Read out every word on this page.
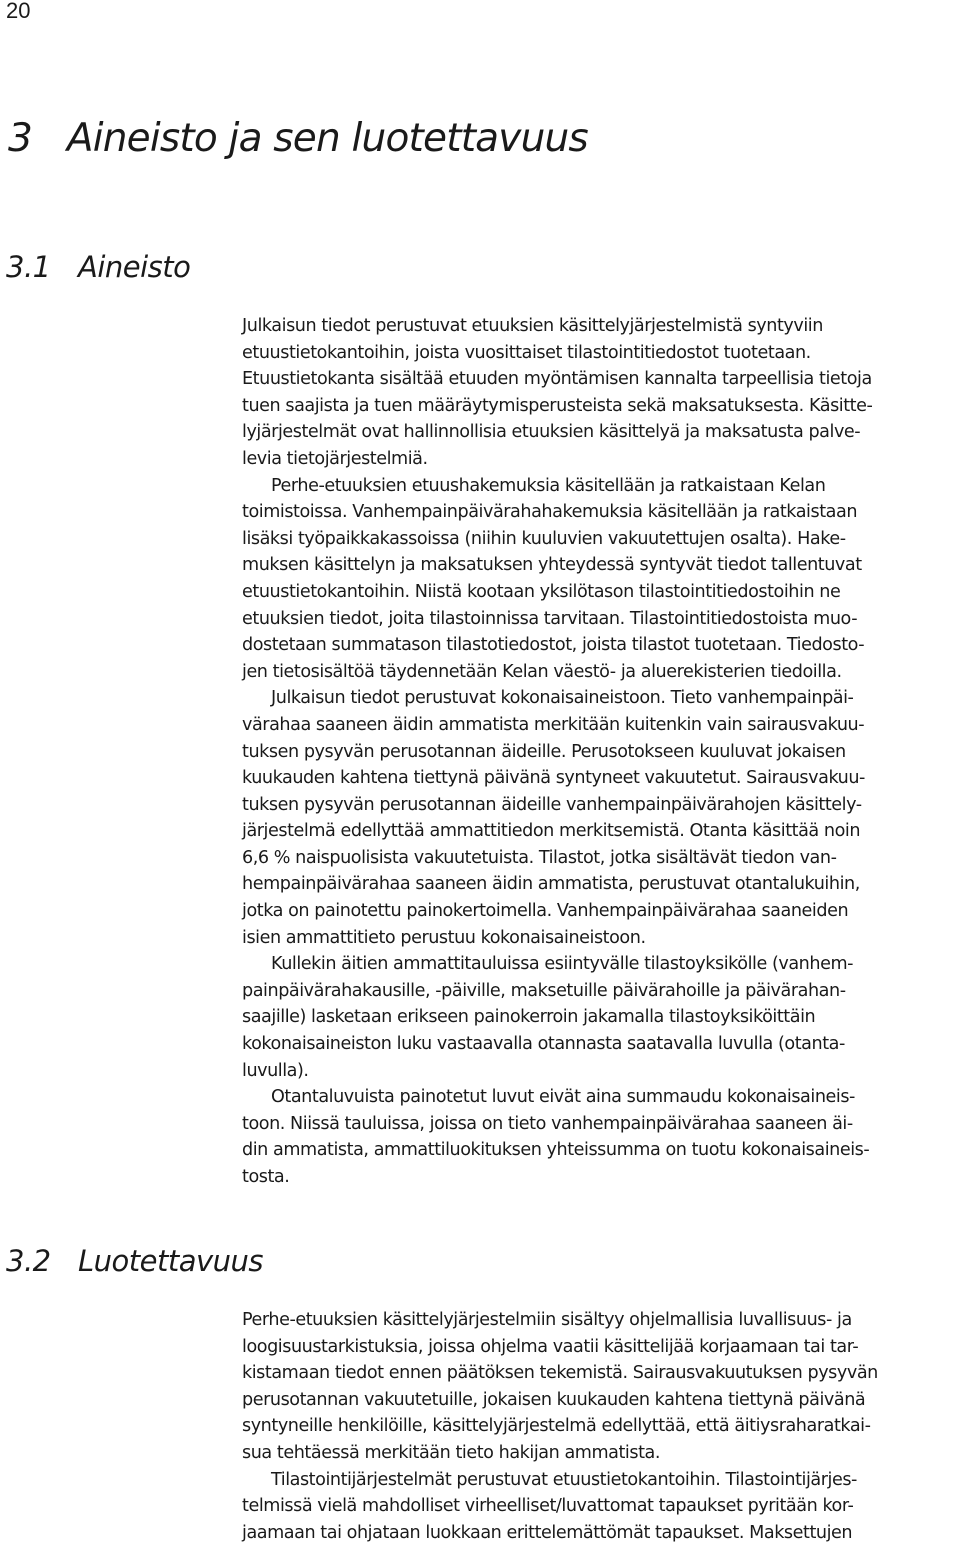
20
3 Aineisto ja sen luotettavuus
3.1 Aineisto
Julkaisun tiedot perustuvat etuuksien käsittelyjärjestelmistä syntyviin
etuustietokantoihin, joista vuosittaiset tilastointitiedostot tuotetaan.
Etuustietokanta sisältää etuuden myöntämisen kannalta tarpeellisia tietoja
tuen saajista ja tuen määräytymisperusteista sekä maksatuksesta. Käsitte-
lyjärjestelmät ovat hallinnollisia etuuksien käsittelyä ja maksatusta palve-
levia tietojärjestelmiä.
Perhe-etuuksien etuushakemuksia käsitellään ja ratkaistaan Kelan
toimistoissa. Vanhempainpäivärahahakemuksia käsitellään ja ratkaistaan
lisäksi työpaikkakassoissa (niihin kuuluvien vakuutettujen osalta). Hake-
muksen käsittelyn ja maksatuksen yhteydessä syntyvät tiedot tallentuvat
etuustietokantoihin. Niistä kootaan yksilötason tilastointitiedostoihin ne
etuuksien tiedot, joita tilastoinnissa tarvitaan. Tilastointitiedostoista muo-
dostetaan summatason tilastotiedostot, joista tilastot tuotetaan. Tiedosto-
jen tietosisältöä täydennetään Kelan väestö- ja aluerekisterien tiedoilla.
Julkaisun tiedot perustuvat kokonaisaineistoon. Tieto vanhempainpäi-
värahaa saaneen äidin ammatista merkitään kuitenkin vain sairausvakuu-
tuksen pysyvän perusotannan äideille. Perusotokseen kuuluvat jokaisen
kuukauden kahtena tiettynä päivänä syntyneet vakuutetut. Sairausvakuu-
tuksen pysyvän perusotannan äideille vanhempainpäivärahojen käsittely-
järjestelmä edellyttää ammattitiedon merkitsemistä. Otanta käsittää noin
6,6 % naispuolisista vakuutetuista. Tilastot, jotka sisältävät tiedon van-
hempainpäivärahaa saaneen äidin ammatista, perustuvat otantalukuihin,
jotka on painotettu painokertoimella. Vanhempainpäivärahaa saaneiden
isien ammattitieto perustuu kokonaisaineistoon.
Kullekin äitien ammattitauluissa esiintyvälle tilastoyksikölle (vanhem-
painpäivärahakausille, -päiville, maksetuille päivärahoille ja päivärahan-
saajille) lasketaan erikseen painokerroin jakamalla tilastoyksiköittäin
kokonaisaineiston luku vastaavalla otannasta saatavalla luvulla (otanta-
luvulla).
Otantaluvuista painotetut luvut eivät aina summaudu kokonaisaineis-
toon. Niissä tauluissa, joissa on tieto vanhempainpäivärahaa saaneen äi-
din ammatista, ammattiluokituksen yhteissumma on tuotu kokonaisaineis-
tosta.
3.2 Luotettavuus
Perhe-etuuksien käsittelyjärjestelmiin sisältyy ohjelmallisia luvallisuus- ja
loogisuustarkistuksia, joissa ohjelma vaatii käsittelijää korjaamaan tai tar-
kistamaan tiedot ennen päätöksen tekemistä. Sairausvakuutuksen pysyvän
perusotannan vakuutetuille, jokaisen kuukauden kahtena tiettynä päivänä
syntyneille henkilöille, käsittelyjärjestelmä edellyttää, että äitiysraharatkai-
sua tehtäessä merkitään tieto hakijan ammatista.
Tilastointijärjestelmät perustuvat etuustietokantoihin. Tilastointijärjes-
telmissä vielä mahdolliset virheelliset/luvattomat tapaukset pyritään kor-
jaamaan tai ohjataan luokkaan erittelemättömät tapaukset. Maksettujen
